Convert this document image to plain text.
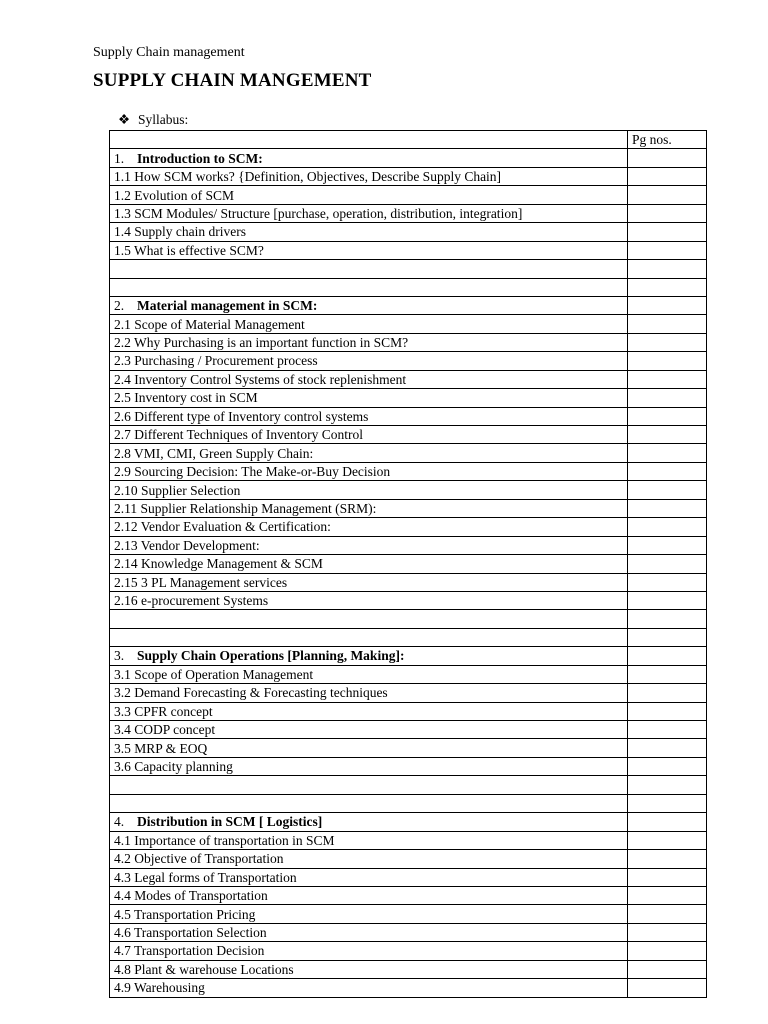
Supply Chain management
SUPPLY CHAIN MANGEMENT
❖ Syllabus:
	Pg nos.
1. Introduction to SCM:	
1.1 How SCM works? {Definition, Objectives, Describe Supply Chain]	
1.2 Evolution of SCM	
1.3 SCM Modules/ Structure [purchase, operation, distribution, integration]	
1.4 Supply chain drivers	
1.5 What is effective SCM?	

2. Material management in SCM:	
2.1 Scope of Material Management	
2.2 Why Purchasing is an important function in SCM?	
2.3 Purchasing / Procurement process	
2.4 Inventory Control Systems of stock replenishment	
2.5 Inventory cost in SCM	
2.6 Different type of Inventory control systems	
2.7 Different Techniques of Inventory Control	
2.8 VMI, CMI, Green Supply Chain:	
2.9 Sourcing Decision: The Make-or-Buy Decision	
2.10 Supplier Selection	
2.11 Supplier Relationship Management (SRM):	
2.12 Vendor Evaluation & Certification:	
2.13 Vendor Development:	
2.14 Knowledge Management & SCM	
2.15 3 PL Management services	
2.16 e-procurement Systems	

3. Supply Chain Operations [Planning, Making]:	
3.1 Scope of Operation Management	
3.2 Demand Forecasting & Forecasting techniques	
3.3 CPFR concept	
3.4 CODP concept	
3.5 MRP & EOQ	
3.6 Capacity planning	

4. Distribution in SCM [ Logistics]	
4.1 Importance of transportation in SCM	
4.2 Objective of Transportation	
4.3 Legal forms of Transportation	
4.4 Modes of Transportation	
4.5 Transportation Pricing	
4.6 Transportation Selection	
4.7 Transportation Decision	
4.8 Plant & warehouse Locations	
4.9 Warehousing	
